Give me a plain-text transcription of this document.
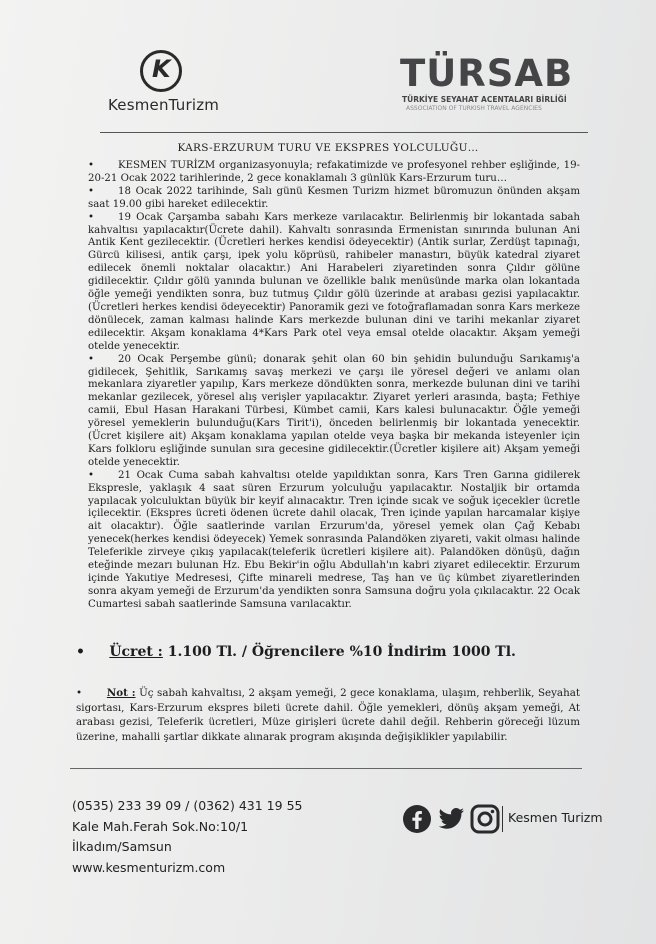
K
KesmenTurizm
TÜRSAB
TÜRKİYE SEYAHAT ACENTALARI BİRLİĞİ
ASSOCIATION OF TURKISH TRAVEL AGENCIES
KARS-ERZURUM TURU VE EKSPRES YOLCULUĞU…

• KESMEN TURİZM organizasyonuyla; refakatimizde ve profesyonel rehber eşliğinde, 19-20-21 Ocak 2022 tarihlerinde, 2 gece konaklamalı 3 günlük Kars-Erzurum turu…

• 18 Ocak 2022 tarihinde, Salı günü Kesmen Turizm hizmet büromuzun önünden akşam saat 19.00 gibi hareket edilecektir.

• 19 Ocak Çarşamba sabahı Kars merkeze varılacaktır. Belirlenmiş bir lokantada sabah kahvaltısı yapılacaktır(Ücrete dahil). Kahvaltı sonrasında Ermenistan sınırında bulunan Ani Antik Kent gezilecektir. (Ücretleri herkes kendisi ödeyecektir) (Antik surlar, Zerdüşt tapınağı, Gürcü kilisesi, antik çarşı, ipek yolu köprüsü, rahibeler manastırı, büyük katedral ziyaret edilecek önemli noktalar olacaktır.) Ani Harabeleri ziyaretinden sonra Çıldır gölüne gidilecektir. Çıldır gölü yanında bulunan ve özellikle balık menüsünde marka olan lokantada öğle yemeği yendikten sonra, buz tutmuş Çıldır gölü üzerinde at arabası gezisi yapılacaktır.(Ücretleri herkes kendisi ödeyecektir) Panoramik gezi ve fotoğraflamadan sonra Kars merkeze dönülecek, zaman kalması halinde Kars merkezde bulunan dini ve tarihi mekanlar ziyaret edilecektir. Akşam konaklama 4*Kars Park otel veya emsal otelde olacaktır. Akşam yemeği otelde yenecektir.

• 20 Ocak Perşembe günü; donarak şehit olan 60 bin şehidin bulunduğu Sarıkamış'a gidilecek, Şehitlik, Sarıkamış savaş merkezi ve çarşı ile yöresel değeri ve anlamı olan mekanlara ziyaretler yapılıp, Kars merkeze döndükten sonra, merkezde bulunan dini ve tarihi mekanlar gezilecek, yöresel alış verişler yapılacaktır. Ziyaret yerleri arasında, başta; Fethiye camii, Ebul Hasan Harakani Türbesi, Kümbet camii, Kars kalesi bulunacaktır. Öğle yemeği yöresel yemeklerin bulunduğu(Kars Tirit'i), önceden belirlenmiş bir lokantada yenecektir.(Ücret kişilere ait) Akşam konaklama yapılan otelde veya başka bir mekanda isteyenler için Kars folkloru eşliğinde sunulan sıra gecesine gidilecektir.(Ücretler kişilere ait) Akşam yemeği otelde yenecektir.

• 21 Ocak Cuma sabah kahvaltısı otelde yapıldıktan sonra, Kars Tren Garına gidilerek Ekspresle, yaklaşık 4 saat süren Erzurum yolculuğu yapılacaktır. Nostaljik bir ortamda yapılacak yolculuktan büyük bir keyif alınacaktır. Tren içinde sıcak ve soğuk içecekler ücretle içilecektir. (Ekspres ücreti ödenen ücrete dahil olacak, Tren içinde yapılan harcamalar kişiye ait olacaktır). Öğle saatlerinde varılan Erzurum'da, yöresel yemek olan Çağ Kebabı yenecek(herkes kendisi ödeyecek) Yemek sonrasında Palandöken ziyareti, vakit olması halinde Teleferikle zirveye çıkış yapılacak(teleferik ücretleri kişilere ait). Palandöken dönüşü, dağın eteğinde mezarı bulunan Hz. Ebu Bekir'in oğlu Abdullah'ın kabri ziyaret edilecektir. Erzurum içinde Yakutiye Medresesi, Çifte minareli medrese, Taş han ve üç kümbet ziyaretlerinden sonra akyam yemeği de Erzurum'da yendikten sonra Samsuna doğru yola çıkılacaktır. 22 Ocak Cumartesi sabah saatlerinde Samsuna varılacaktır.

• Ücret : 1.100 Tl. / Öğrencilere %10 İndirim 1000 Tl.
• Not : Üç sabah kahvaltısı, 2 akşam yemeği, 2 gece konaklama, ulaşım, rehberlik, Seyahat sigortası, Kars-Erzurum ekspres bileti ücrete dahil. Öğle yemekleri, dönüş akşam yemeği, At arabası gezisi, Teleferik ücretleri, Müze girişleri ücrete dahil değil. Rehberin göreceği lüzum üzerine, mahalli şartlar dikkate alınarak program akışında değişiklikler yapılabilir.
(0535) 233 39 09 / (0362) 431 19 55
Kale Mah.Ferah Sok.No:10/1
İlkadım/Samsun
www.kesmenturizm.com
Kesmen Turizm
